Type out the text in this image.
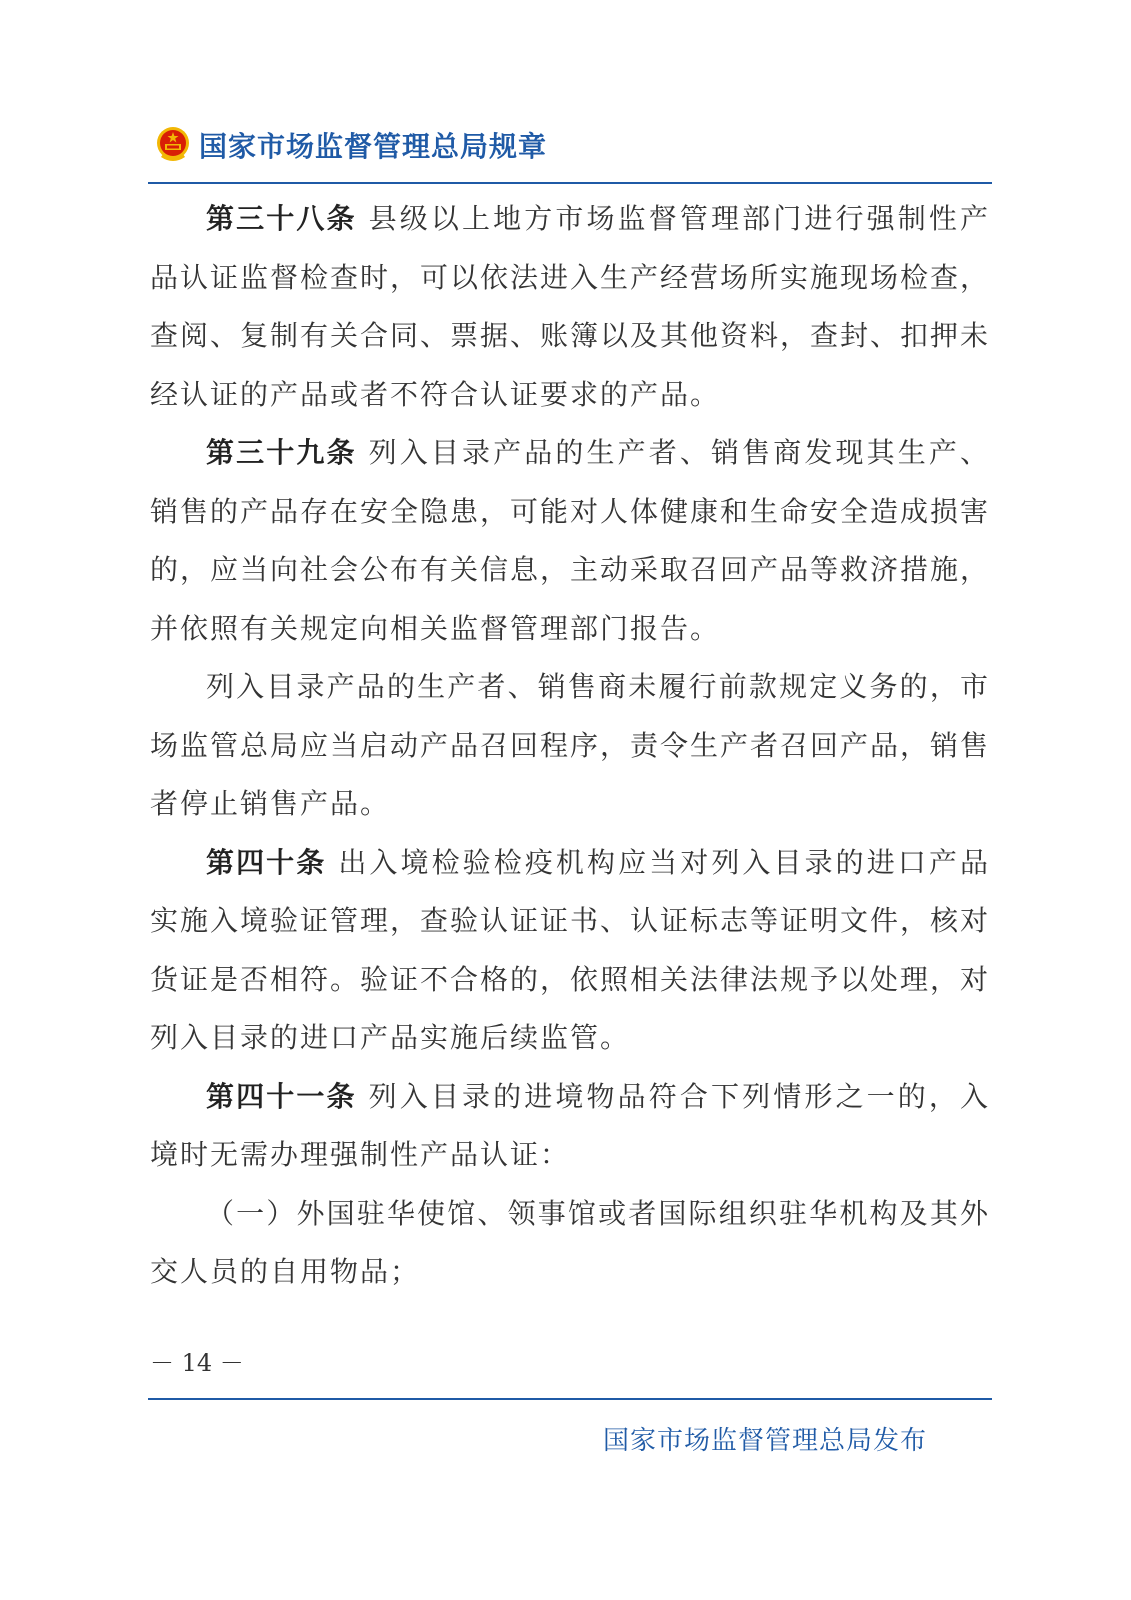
国家市场监督管理总局规章

第三十八条 县级以上地方市场监督管理部门进行强制性产品认证监督检查时，可以依法进入生产经营场所实施现场检查，查阅、复制有关合同、票据、账簿以及其他资料，查封、扣押未经认证的产品或者不符合认证要求的产品。

第三十九条 列入目录产品的生产者、销售商发现其生产、销售的产品存在安全隐患，可能对人体健康和生命安全造成损害的，应当向社会公布有关信息，主动采取召回产品等救济措施，并依照有关规定向相关监督管理部门报告。

列入目录产品的生产者、销售商未履行前款规定义务的，市场监管总局应当启动产品召回程序，责令生产者召回产品，销售者停止销售产品。

第四十条 出入境检验检疫机构应当对列入目录的进口产品实施入境验证管理，查验认证证书、认证标志等证明文件，核对货证是否相符。验证不合格的，依照相关法律法规予以处理，对列入目录的进口产品实施后续监管。

第四十一条 列入目录的进境物品符合下列情形之一的，入境时无需办理强制性产品认证：

（一）外国驻华使馆、领事馆或者国际组织驻华机构及其外交人员的自用物品；

－ 14 －
国家市场监督管理总局发布
